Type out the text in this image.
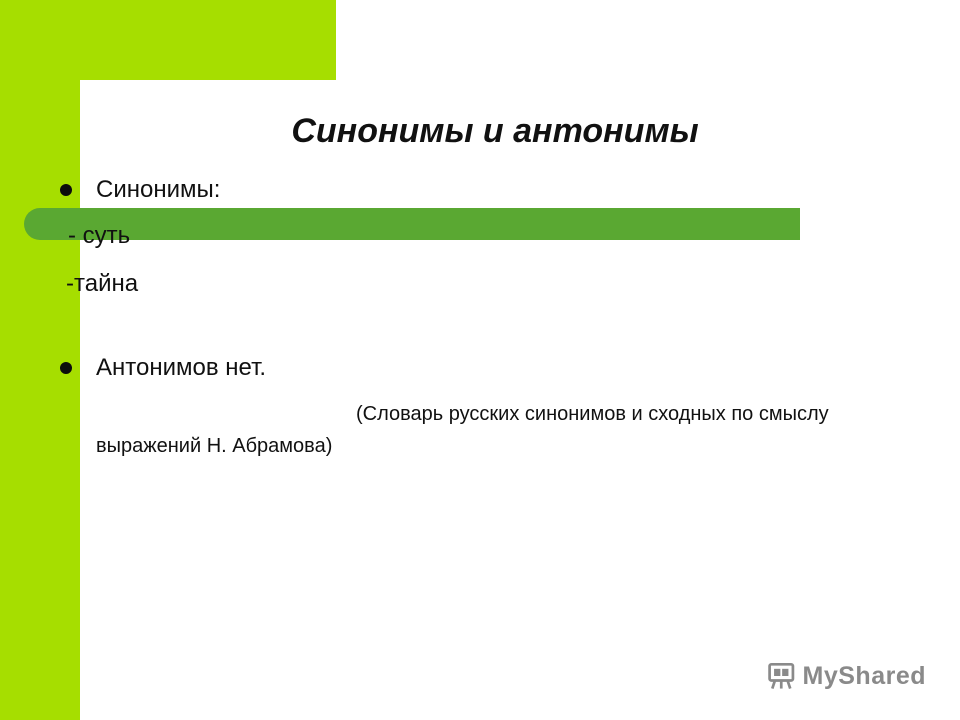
Синонимы и антонимы
Синонимы:
- суть
-тайна
Антонимов нет.
(Словарь русских синонимов и сходных по смыслу выражений Н. Абрамова)
MyShared
